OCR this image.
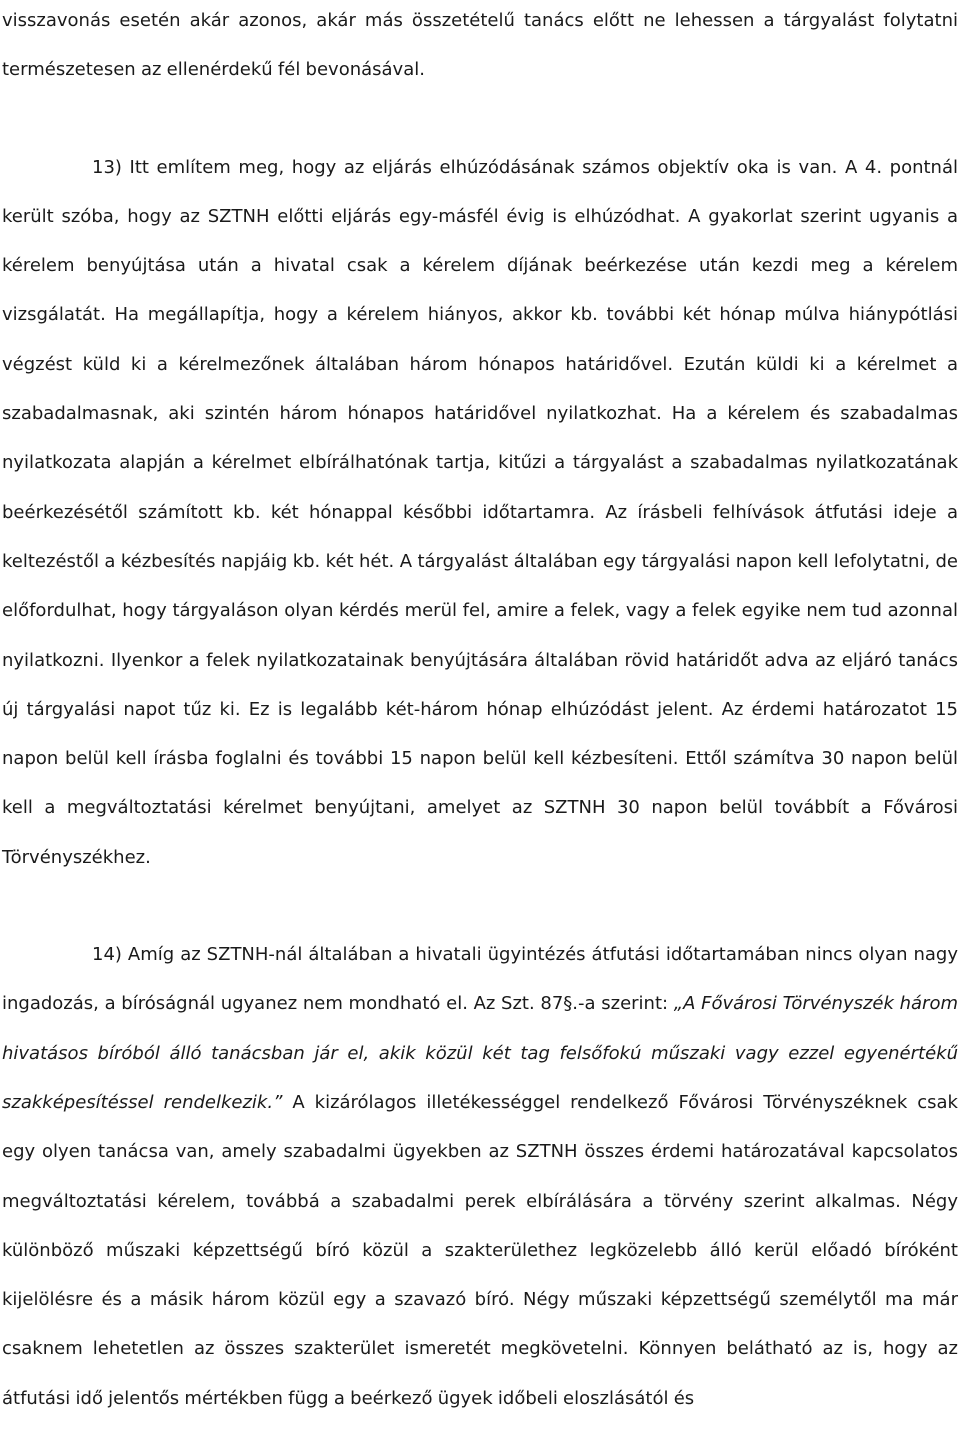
visszavonás esetén akár azonos, akár más összetételű tanács előtt ne lehessen a tárgyalást folytatni természetesen az ellenérdekű fél bevonásával.

13) Itt említem meg, hogy az eljárás elhúzódásának számos objektív oka is van. A 4. pontnál került szóba, hogy az SZTNH előtti eljárás egy-másfél évig is elhúzódhat. A gyakorlat szerint ugyanis a kérelem benyújtása után a hivatal csak a kérelem díjának beérkezése után kezdi meg a kérelem vizsgálatát. Ha megállapítja, hogy a kérelem hiányos, akkor kb. további két hónap múlva hiánypótlási végzést küld ki a kérelmezőnek általában három hónapos határidővel. Ezután küldi ki a kérelmet a szabadalmasnak, aki szintén három hónapos határidővel nyilatkozhat. Ha a kérelem és szabadalmas nyilatkozata alapján a kérelmet elbírálhatónak tartja, kitűzi a tárgyalást a szabadalmas nyilatkozatának beérkezésétől számított kb. két hónappal későbbi időtartamra. Az írásbeli felhívások átfutási ideje a keltezéstől a kézbesítés napjáig kb. két hét. A tárgyalást általában egy tárgyalási napon kell lefolytatni, de előfordulhat, hogy tárgyaláson olyan kérdés merül fel, amire a felek, vagy a felek egyike nem tud azonnal nyilatkozni. Ilyenkor a felek nyilatkozatainak benyújtására általában rövid határidőt adva az eljáró tanács új tárgyalási napot tűz ki. Ez is legalább két-három hónap elhúzódást jelent. Az érdemi határozatot 15 napon belül kell írásba foglalni és további 15 napon belül kell kézbesíteni. Ettől számítva 30 napon belül kell a megváltoztatási kérelmet benyújtani, amelyet az SZTNH 30 napon belül továbbít a Fővárosi Törvényszékhez.

14) Amíg az SZTNH-nál általában a hivatali ügyintézés átfutási időtartamában nincs olyan nagy ingadozás, a bíróságnál ugyanez nem mondható el. Az Szt. 87§.-a szerint: „A Fővárosi Törvényszék három hivatásos bíróból álló tanácsban jár el, akik közül két tag felsőfokú műszaki vagy ezzel egyenértékű szakképesítéssel rendelkezik.” A kizárólagos illetékességgel rendelkező Fővárosi Törvényszéknek csak egy olyen tanácsa van, amely szabadalmi ügyekben az SZTNH összes érdemi határozatával kapcsolatos megváltoztatási kérelem, továbbá a szabadalmi perek elbírálására a törvény szerint alkalmas. Négy különböző műszaki képzettségű bíró közül a szakterülethez legközelebb álló kerül előadó bíróként kijelölésre és a másik három közül egy a szavazó bíró. Négy műszaki képzettségű személytől ma már csaknem lehetetlen az összes szakterület ismeretét megkövetelni. Könnyen belátható az is, hogy az átfutási idő jelentős mértékben függ a beérkező ügyek időbeli eloszlásától és
